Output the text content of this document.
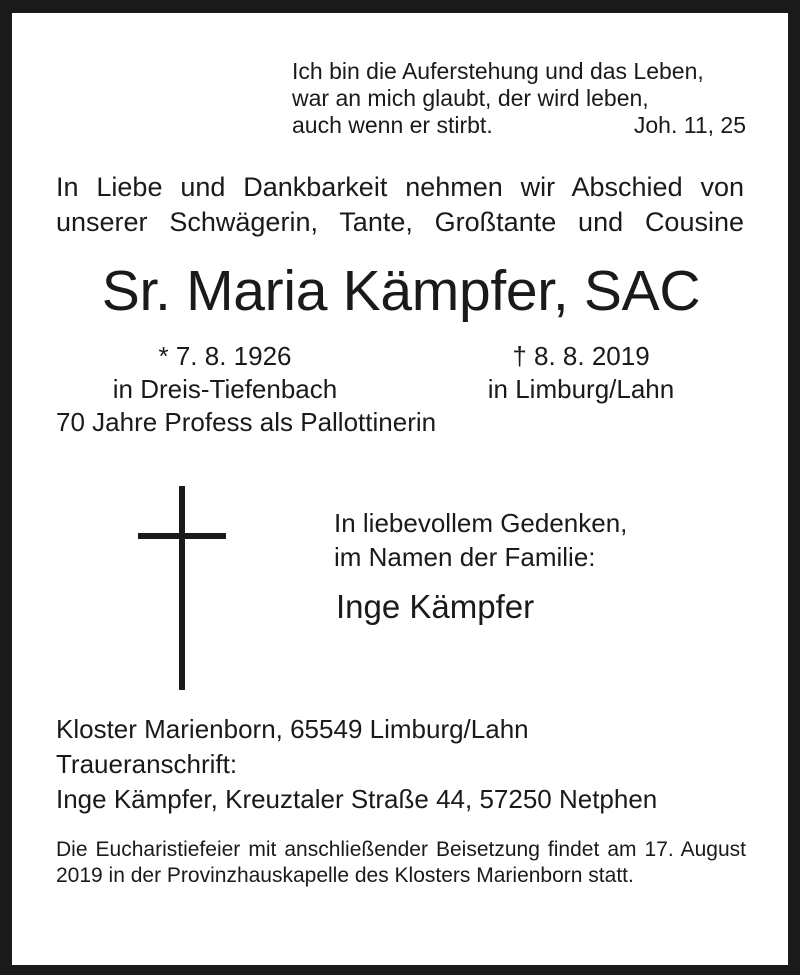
Ich bin die Auferstehung und das Leben,
war an mich glaubt, der wird leben,
auch wenn er stirbt.	Joh. 11, 25
In Liebe und Dankbarkeit nehmen wir Abschied von
unserer Schwägerin, Tante, Großtante und Cousine
Sr. Maria Kämpfer, SAC
* 7. 8. 1926
in Dreis-Tiefenbach
† 8. 8. 2019
in Limburg/Lahn
70 Jahre Profess als Pallottinerin
In liebevollem Gedenken,
im Namen der Familie:
Inge Kämpfer
Kloster Marienborn, 65549 Limburg/Lahn
Traueranschrift:
Inge Kämpfer, Kreuztaler Straße 44, 57250 Netphen
Die Eucharistiefeier mit anschließender Beisetzung findet am 17. August 2019 in der Provinzhauskapelle des Klosters Marienborn statt.
